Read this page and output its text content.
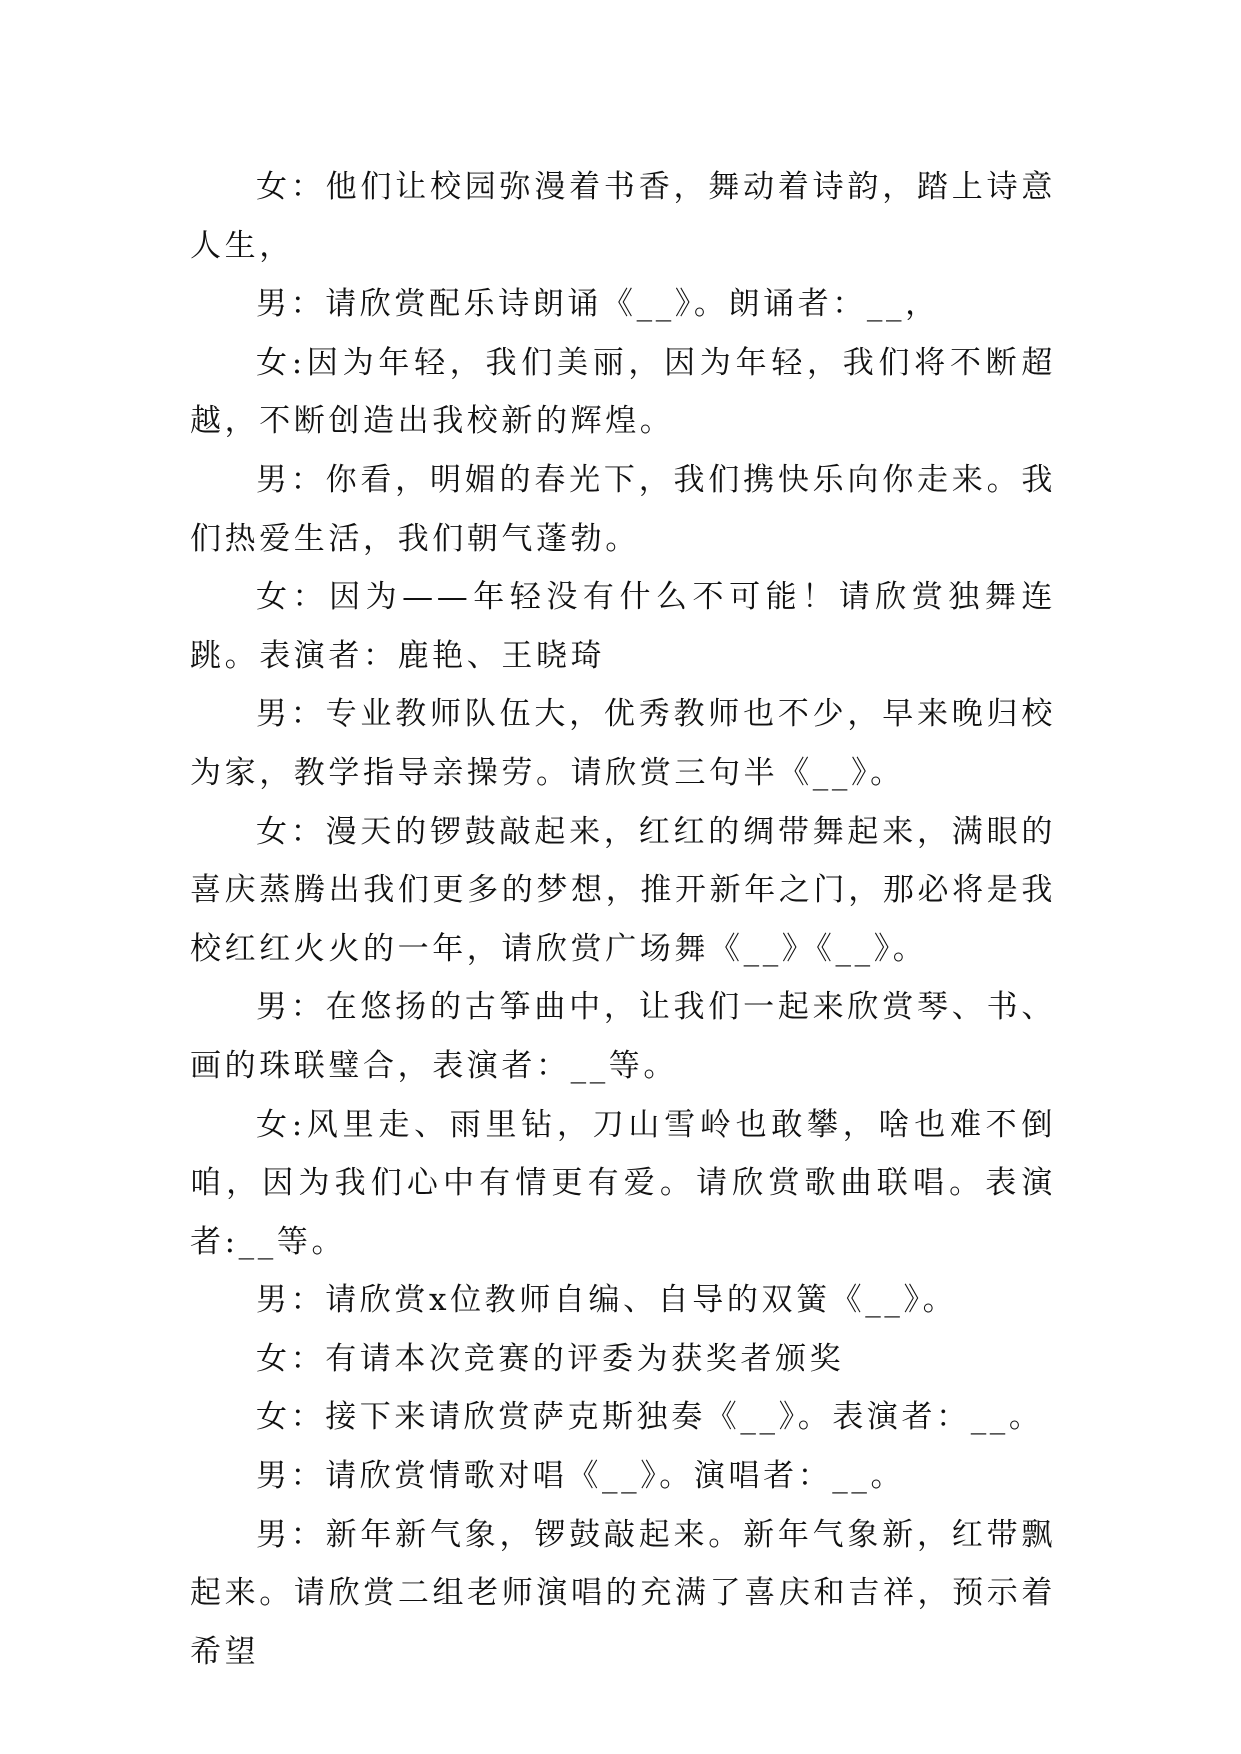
女：他们让校园弥漫着书香，舞动着诗韵，踏上诗意人生，

男：请欣赏配乐诗朗诵《__》。朗诵者：__，

女:因为年轻，我们美丽，因为年轻，我们将不断超越，不断创造出我校新的辉煌。

男：你看，明媚的春光下，我们携快乐向你走来。我们热爱生活，我们朝气蓬勃。

女：因为——年轻没有什么不可能！请欣赏独舞连跳。表演者：鹿艳、王晓琦

男：专业教师队伍大，优秀教师也不少，早来晚归校为家，教学指导亲操劳。请欣赏三句半《__》。

女：漫天的锣鼓敲起来，红红的绸带舞起来，满眼的喜庆蒸腾出我们更多的梦想，推开新年之门，那必将是我校红红火火的一年，请欣赏广场舞《__》《__》。

男：在悠扬的古筝曲中，让我们一起来欣赏琴、书、画的珠联璧合，表演者：__等。

女:风里走、雨里钻，刀山雪岭也敢攀，啥也难不倒咱，因为我们心中有情更有爱。请欣赏歌曲联唱。表演者:__等。

男：请欣赏x位教师自编、自导的双簧《__》。

女：有请本次竞赛的评委为获奖者颁奖

女：接下来请欣赏萨克斯独奏《__》。表演者：__。

男：请欣赏情歌对唱《__》。演唱者：__。

男：新年新气象，锣鼓敲起来。新年气象新，红带飘起来。请欣赏二组老师演唱的充满了喜庆和吉祥，预示着希望
